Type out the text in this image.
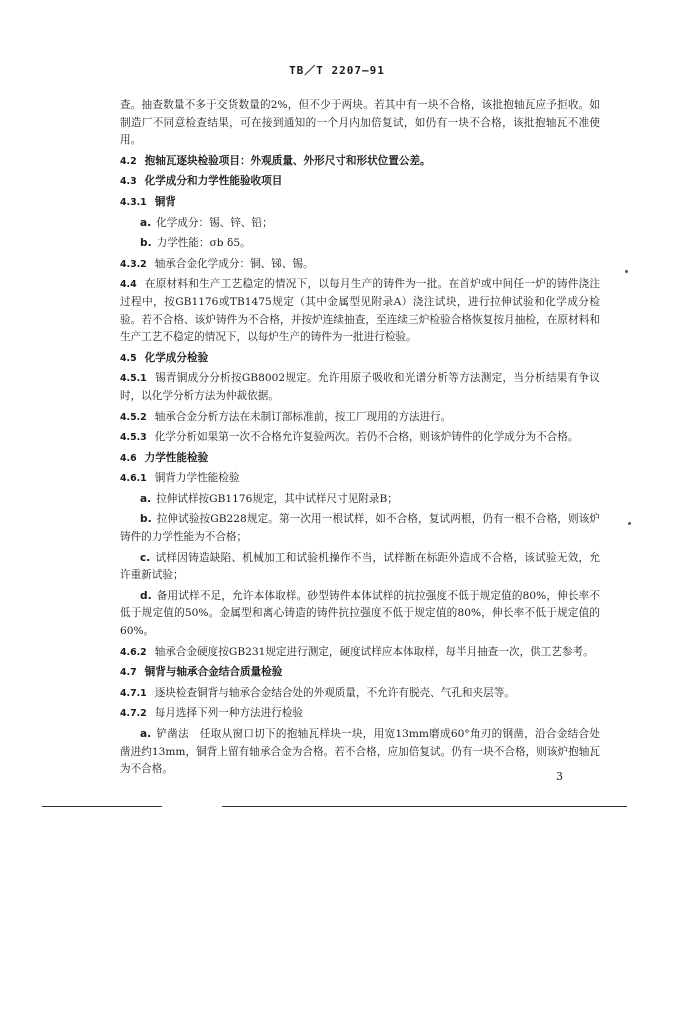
TB／T 2207—91

查。抽查数量不多于交货数量的2%，但不少于两块。若其中有一块不合格，该批抱轴瓦应予拒收。如制造厂不同意检查结果，可在接到通知的一个月内加倍复试，如仍有一块不合格，该批抱轴瓦不准使用。

4.2 抱轴瓦逐块检验项目：外观质量、外形尺寸和形状位置公差。

4.3 化学成分和力学性能验收项目

4.3.1 铜背

a. 化学成分：锡、锌、铅；

b. 力学性能：σb δ5。

4.3.2 轴承合金化学成分：铜、锑、锡。

4.4 在原材料和生产工艺稳定的情况下，以每月生产的铸件为一批。在首炉或中间任一炉的铸件浇注过程中，按GB1176或TB1475规定（其中金属型见附录A）浇注试块，进行拉伸试验和化学成分检验。若不合格、该炉铸件为不合格，并按炉连续抽查，至连续三炉检验合格恢复按月抽检，在原材料和生产工艺不稳定的情况下，以每炉生产的铸件为一批进行检验。

4.5 化学成分检验

4.5.1 锡青铜成分分析按GB8002规定。允许用原子吸收和光谱分析等方法测定，当分析结果有争议时，以化学分析方法为仲裁依据。

4.5.2 轴承合金分析方法在未制订部标准前，按工厂现用的方法进行。

4.5.3 化学分析如果第一次不合格允许复验两次。若仍不合格，则该炉铸件的化学成分为不合格。

4.6 力学性能检验

4.6.1 铜背力学性能检验

a. 拉伸试样按GB1176规定，其中试样尺寸见附录B；

b. 拉伸试验按GB228规定。第一次用一根试样，如不合格，复试两根，仍有一根不合格，则该炉铸件的力学性能为不合格；

c. 试样因铸造缺陷、机械加工和试验机操作不当，试样断在标距外造成不合格，该试验无效，允许重新试验；

d. 备用试样不足，允许本体取样。砂型铸件本体试样的抗拉强度不低于规定值的80%，伸长率不低于规定值的50%。金属型和离心铸造的铸件抗拉强度不低于规定值的80%，伸长率不低于规定值的60%。

4.6.2 轴承合金硬度按GB231规定进行测定，硬度试样应本体取样，每半月抽查一次，供工艺参考。

4.7 铜背与轴承合金结合质量检验

4.7.1 逐块检查铜背与轴承合金结合处的外观质量，不允许有脱壳、气孔和夹层等。

4.7.2 每月选择下列一种方法进行检验

a. 铲凿法　任取从窗口切下的抱轴瓦样块一块，用宽13mm磨成60°角刃的钢凿，沿合金结合处凿进约13mm，铜背上留有轴承合金为合格。若不合格，应加倍复试。仍有一块不合格，则该炉抱轴瓦为不合格。

3
